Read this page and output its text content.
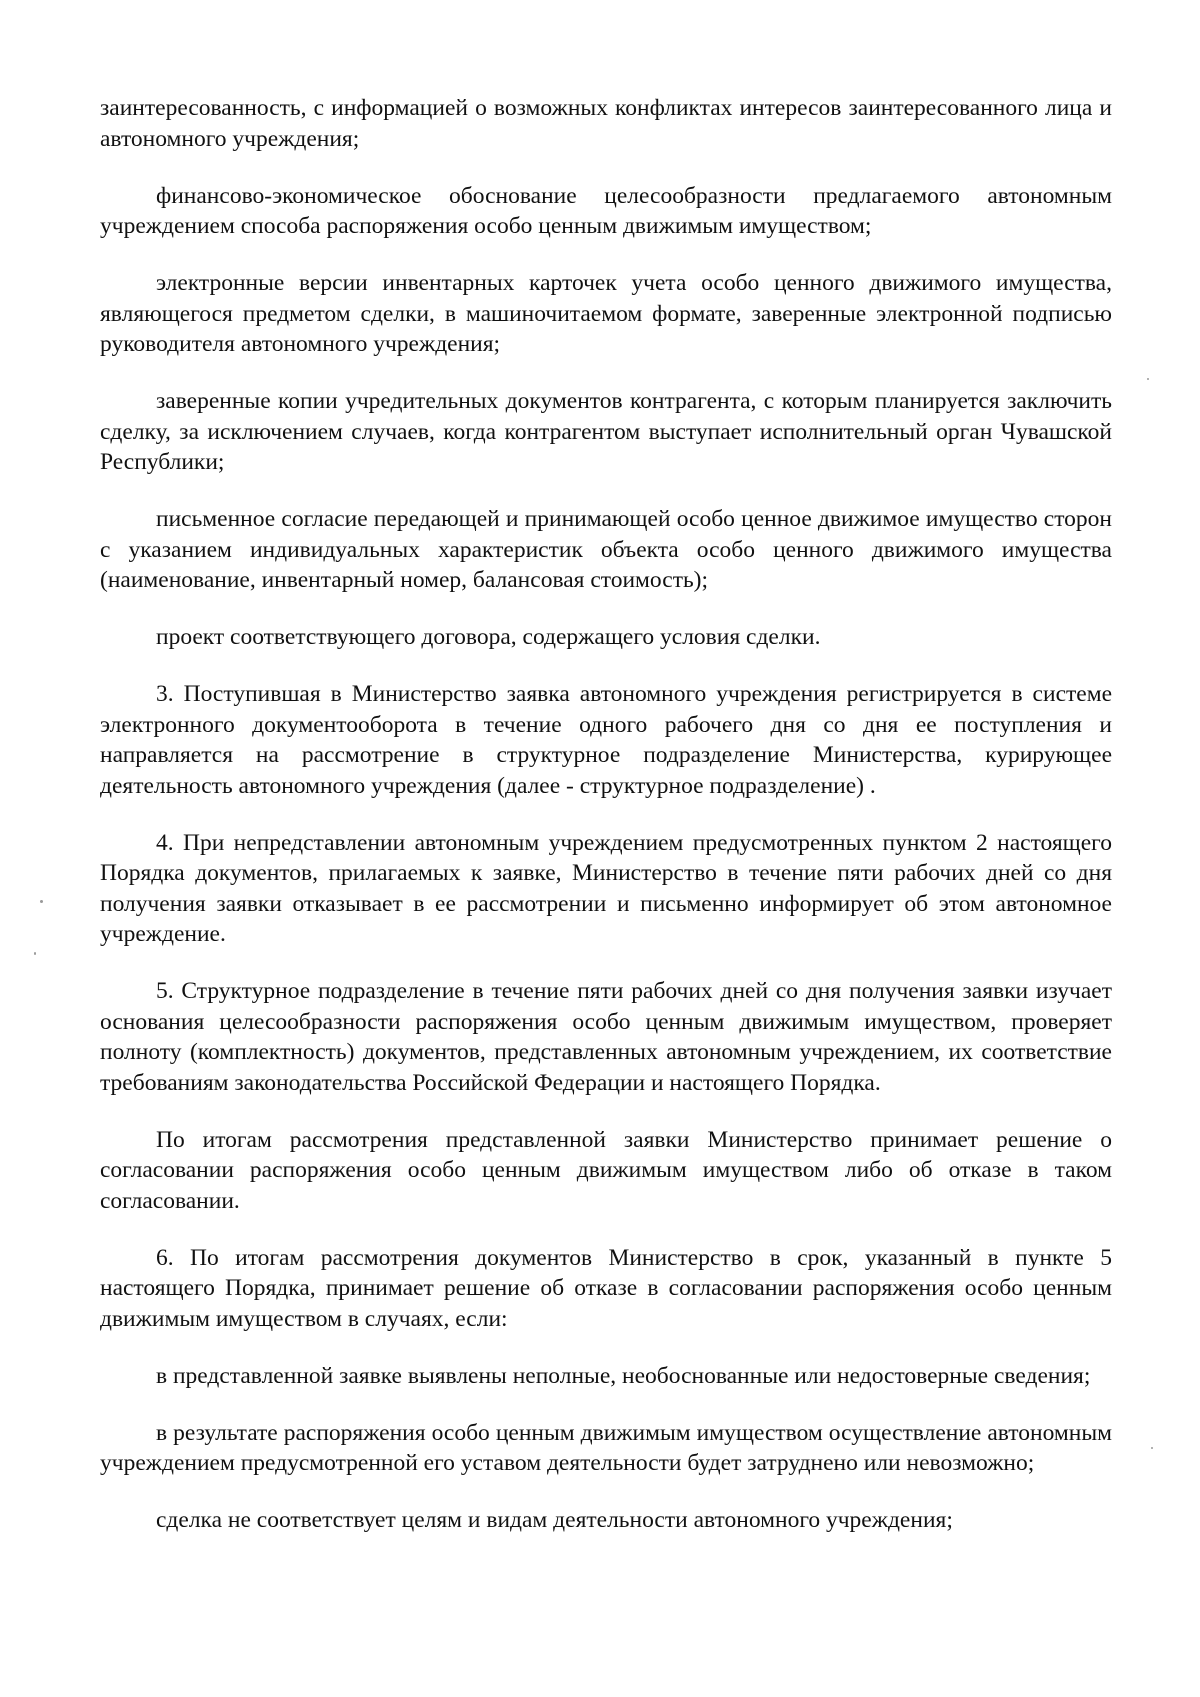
заинтересованность, с информацией о возможных конфликтах интересов заинтересованного лица и автономного учреждения;

финансово-экономическое обоснование целесообразности предлагаемого автономным учреждением способа распоряжения особо ценным движимым имуществом;

электронные версии инвентарных карточек учета особо ценного движимого имущества, являющегося предметом сделки, в машиночитаемом формате, заверенные электронной подписью руководителя автономного учреждения;

заверенные копии учредительных документов контрагента, с которым планируется заключить сделку, за исключением случаев, когда контрагентом выступает исполнительный орган Чувашской Республики;

письменное согласие передающей и принимающей особо ценное движимое имущество сторон с указанием индивидуальных характеристик объекта особо ценного движимого имущества (наименование, инвентарный номер, балансовая стоимость);

проект соответствующего договора, содержащего условия сделки.

3. Поступившая в Министерство заявка автономного учреждения регистрируется в системе электронного документооборота в течение одного рабочего дня со дня ее поступления и направляется на рассмотрение в структурное подразделение Министерства, курирующее деятельность автономного учреждения (далее - структурное подразделение) .

4. При непредставлении автономным учреждением предусмотренных пунктом 2 настоящего Порядка документов, прилагаемых к заявке, Министерство в течение пяти рабочих дней со дня получения заявки отказывает в ее рассмотрении и письменно информирует об этом автономное учреждение.

5. Структурное подразделение в течение пяти рабочих дней со дня получения заявки изучает основания целесообразности распоряжения особо ценным движимым имуществом, проверяет полноту (комплектность) документов, представленных автономным учреждением, их соответствие требованиям законодательства Российской Федерации и настоящего Порядка.

По итогам рассмотрения представленной заявки Министерство принимает решение о согласовании распоряжения особо ценным движимым имуществом либо об отказе в таком согласовании.

6. По итогам рассмотрения документов Министерство в срок, указанный в пункте 5 настоящего Порядка, принимает решение об отказе в согласовании распоряжения особо ценным движимым имуществом в случаях, если:

в представленной заявке выявлены неполные, необоснованные или недостоверные сведения;

в результате распоряжения особо ценным движимым имуществом осуществление автономным учреждением предусмотренной его уставом деятельности будет затруднено или невозможно;

сделка не соответствует целям и видам деятельности автономного учреждения;
